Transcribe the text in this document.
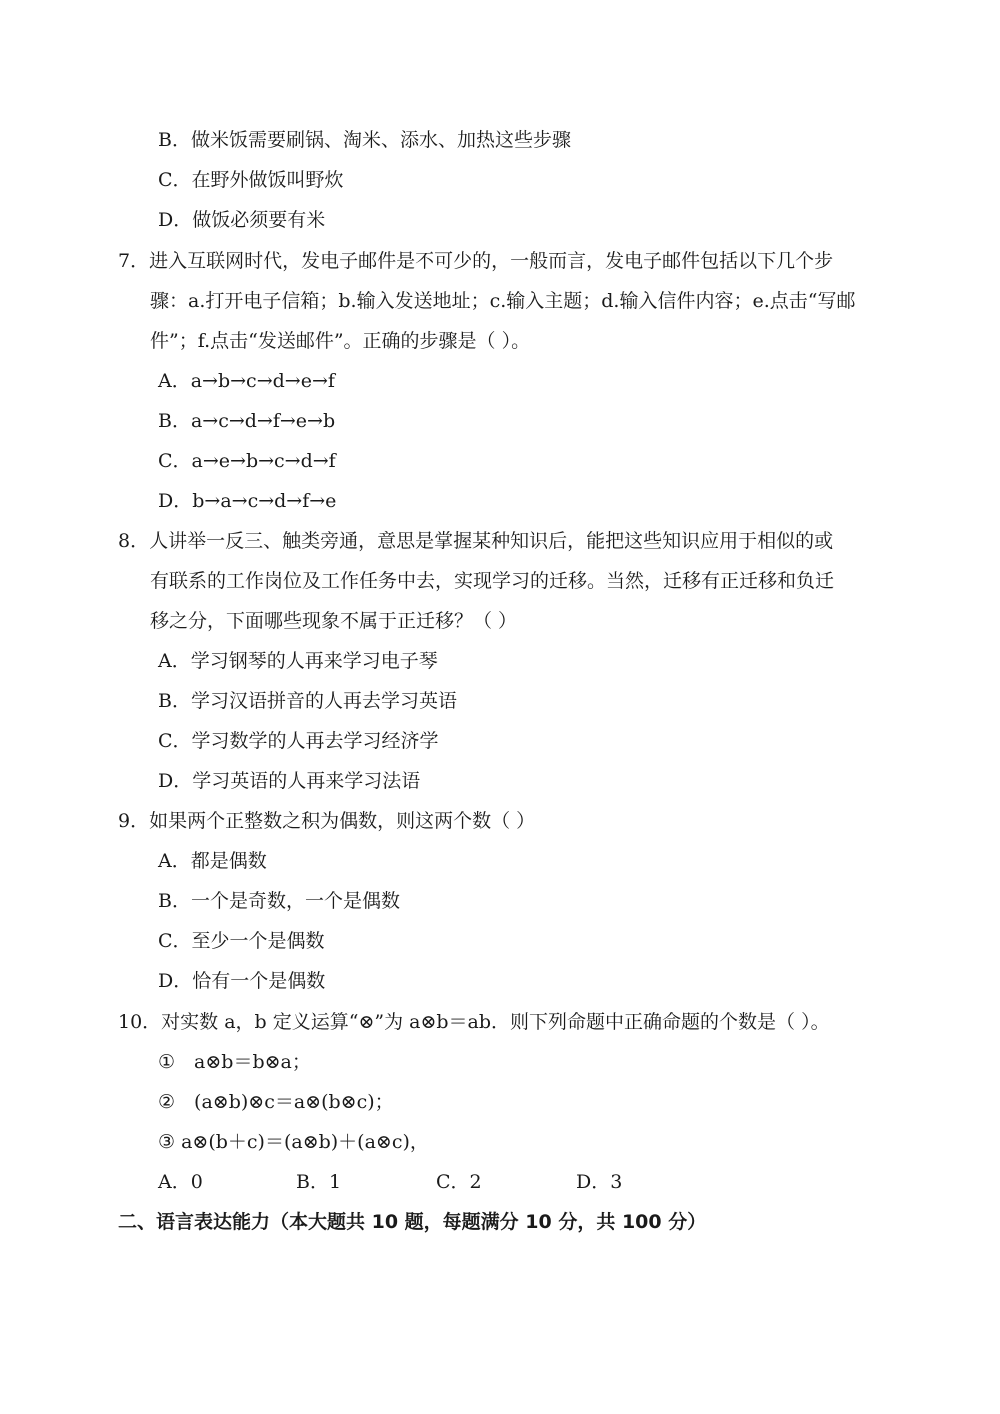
B．做米饭需要刷锅、淘米、添水、加热这些步骤
C．在野外做饭叫野炊
D．做饭必须要有米
7．进入互联网时代，发电子邮件是不可少的，一般而言，发电子邮件包括以下几个步
骤：a.打开电子信箱；b.输入发送地址；c.输入主题；d.输入信件内容；e.点击“写邮
件”；f.点击“发送邮件”。正确的步骤是（ ）。
A．a→b→c→d→e→f
B．a→c→d→f→e→b
C．a→e→b→c→d→f
D．b→a→c→d→f→e
8．人讲举一反三、触类旁通，意思是掌握某种知识后，能把这些知识应用于相似的或
有联系的工作岗位及工作任务中去，实现学习的迁移。当然，迁移有正迁移和负迁
移之分，下面哪些现象不属于正迁移？（ ）
A．学习钢琴的人再来学习电子琴
B．学习汉语拼音的人再去学习英语
C．学习数学的人再去学习经济学
D．学习英语的人再来学习法语
9．如果两个正整数之积为偶数，则这两个数（ ）
A．都是偶数
B．一个是奇数，一个是偶数
C．至少一个是偶数
D．恰有一个是偶数
10．对实数 a，b 定义运算“⊗”为 a⊗b＝ab．则下列命题中正确命题的个数是（ ）。
①　a⊗b＝b⊗a；
②　(a⊗b)⊗c＝a⊗(b⊗c)；
③ a⊗(b＋c)＝(a⊗b)＋(a⊗c)，
A．0	B．1	C．2	D．3
二、语言表达能力（本大题共 10 题，每题满分 10 分，共 100 分）
